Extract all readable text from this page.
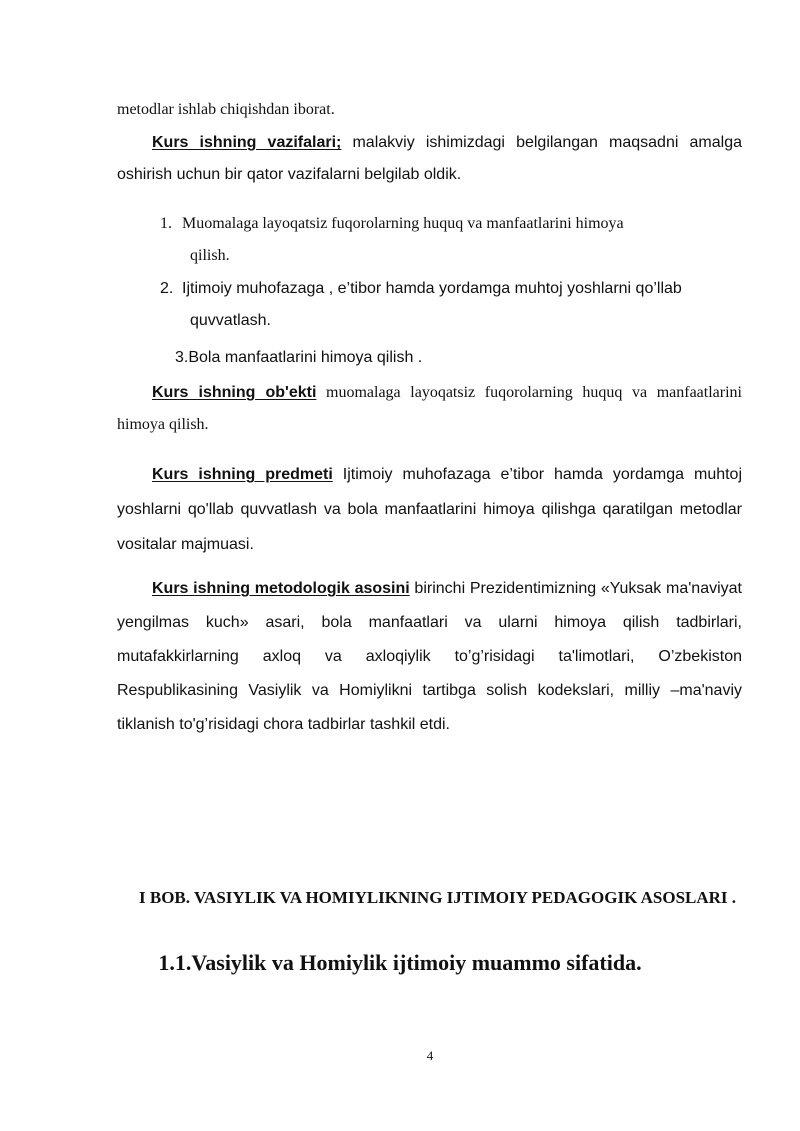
metodlar ishlab chiqishdan iborat.
Kurs ishning vazifalari; malakviy ishimizdagi belgilangan maqsadni amalga oshirish uchun bir qator vazifalarni belgilab oldik.
1. Muomalaga layoqatsiz fuqorolarning huquq va manfaatlarini himoya
qilish.
2. Ijtimoiy muhofazaga , e’tibor hamda yordamga muhtoj yoshlarni qo’llab
quvvatlash.
3.Bola manfaatlarini himoya qilish .
Kurs ishning ob'ekti muomalaga layoqatsiz fuqorolarning huquq va manfaatlarini himoya qilish.
Kurs ishning predmeti Ijtimoiy muhofazaga e’tibor hamda yordamga muhtoj yoshlarni qo'llab quvvatlash va bola manfaatlarini himoya qilishga qaratilgan metodlar vositalar majmuasi.
Kurs ishning metodologik asosini birinchi Prezidentimizning «Yuksak ma'naviyat yengilmas kuch» asari, bola manfaatlari va ularni himoya qilish tadbirlari, mutafakkirlarning axloq va axloqiylik to’g’risidagi ta'limotlari, O’zbekiston Respublikasining Vasiylik va Homiylikni tartibga solish kodekslari, milliy –ma'naviy tiklanish to'g’risidagi chora tadbirlar tashkil etdi.
I BOB. VASIYLIK VA HOMIYLIKNING IJTIMOIY PEDAGOGIK ASOSLARI .
1.1.Vasiylik va Homiylik ijtimoiy muammo sifatida.
4
